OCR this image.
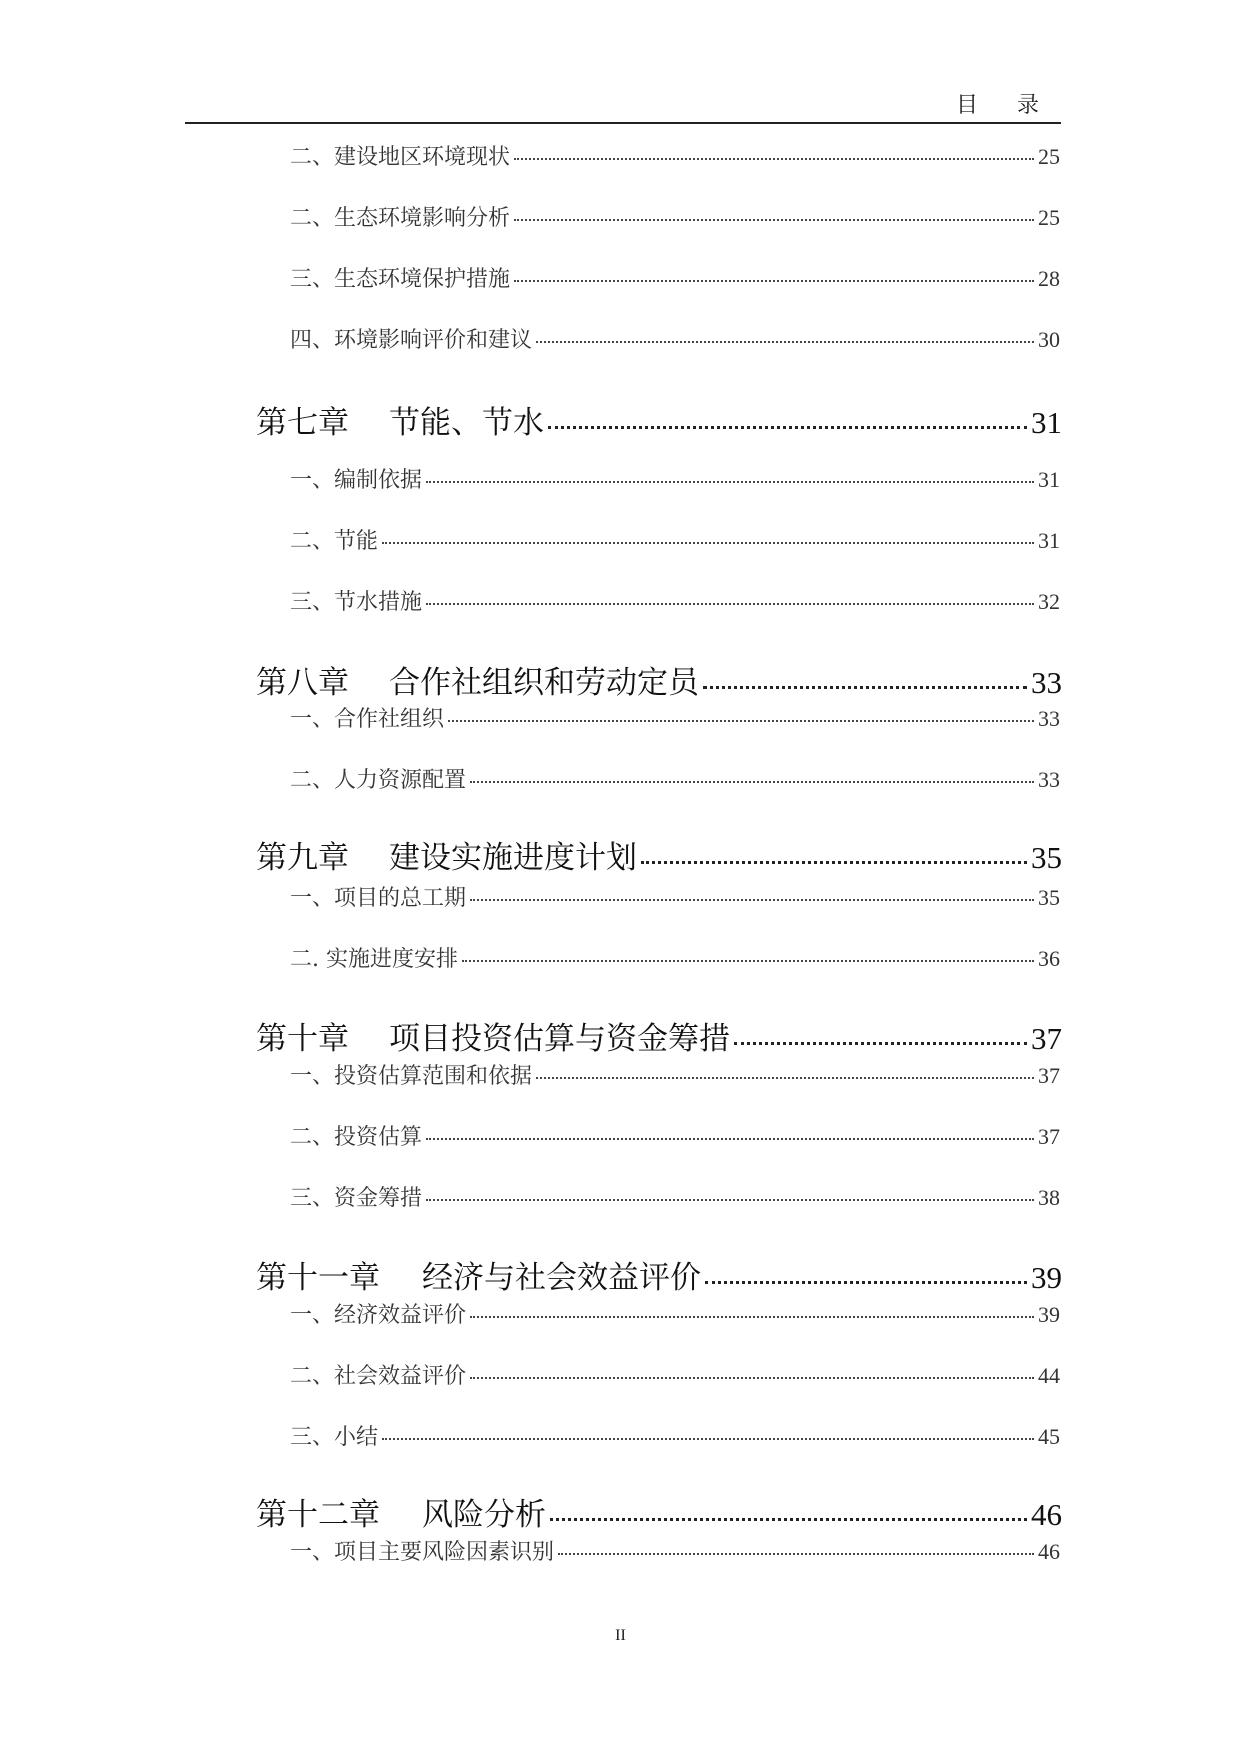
目 录
二、建设地区环境现状	25
二、生态环境影响分析	25
三、生态环境保护措施	28
四、环境影响评价和建议	30
第七章 节能、节水	31
一、编制依据	31
二、节能	31
三、节水措施	32
第八章 合作社组织和劳动定员	33
一、合作社组织	33
二、人力资源配置	33
第九章 建设实施进度计划	35
一、项目的总工期	35
二. 实施进度安排	36
第十章 项目投资估算与资金筹措	37
一、投资估算范围和依据	37
二、投资估算	37
三、资金筹措	38
第十一章 经济与社会效益评价	39
一、经济效益评价	39
二、社会效益评价	44
三、小结	45
第十二章 风险分析	46
一、项目主要风险因素识别	46
II
